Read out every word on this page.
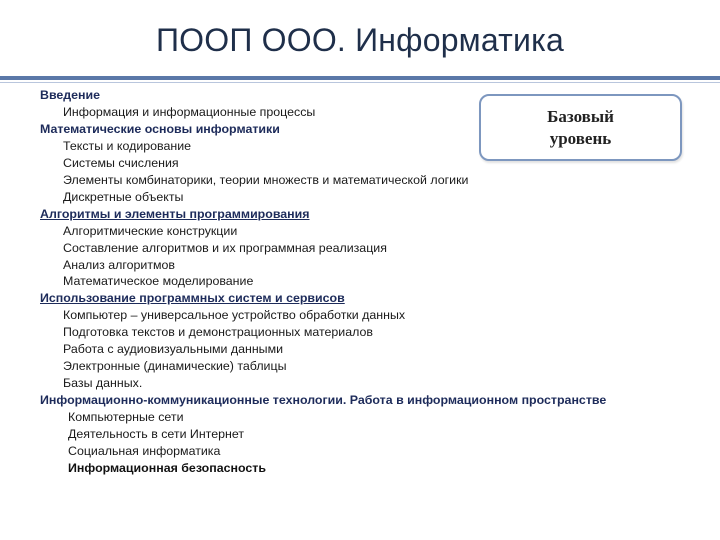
ПООП ООО. Информатика
Введение
Информация и информационные процессы
Математические основы информатики
Тексты и кодирование
Системы счисления
Элементы комбинаторики, теории множеств и математической логики
Дискретные объекты
Алгоритмы и элементы программирования
Алгоритмические конструкции
Составление алгоритмов и их программная реализация
Анализ алгоритмов
Математическое моделирование
Использование программных систем и сервисов
Компьютер – универсальное устройство обработки данных
Подготовка текстов и демонстрационных материалов
Работа с аудиовизуальными данными
Электронные (динамические) таблицы
Базы данных.
Информационно-коммуникационные технологии. Работа в информационном пространстве
Компьютерные сети
Деятельность в сети Интернет
Социальная информатика
Информационная безопасность
Базовый
уровень
